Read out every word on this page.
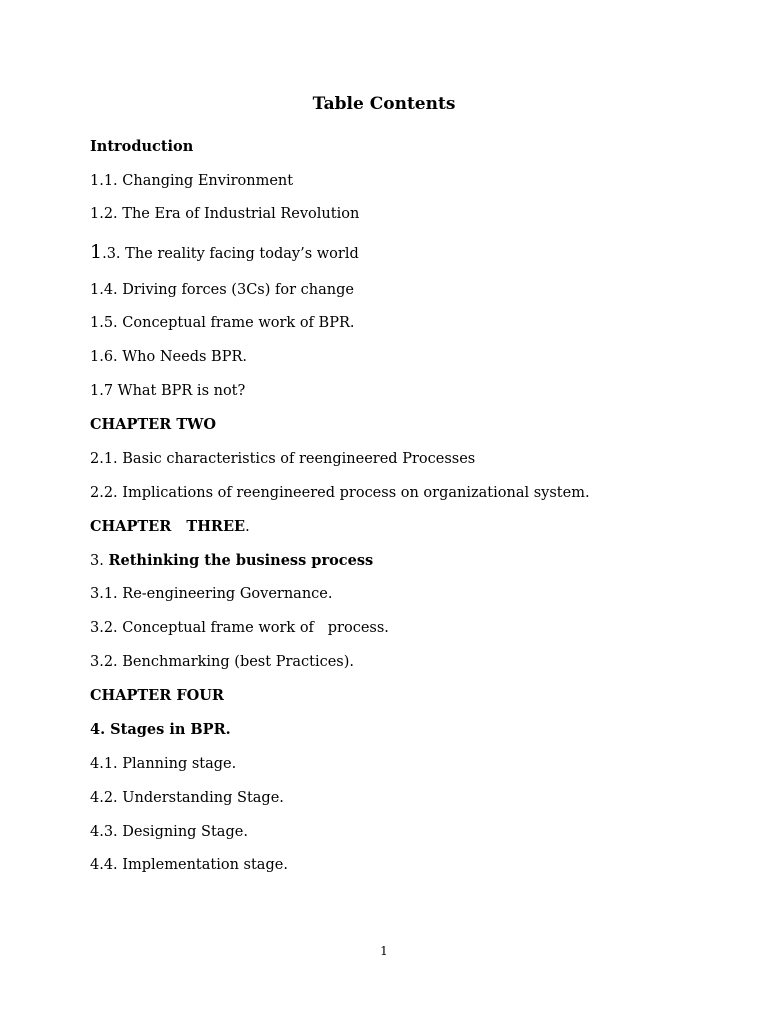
Table Contents
Introduction
1.1. Changing Environment
1.2. The Era of Industrial Revolution
1.3. The reality facing today’s world
1.4. Driving forces (3Cs) for change
1.5. Conceptual frame work of BPR.
1.6. Who Needs BPR.
1.7 What BPR is not?
CHAPTER TWO
2.1. Basic characteristics of reengineered Processes
2.2. Implications of reengineered process on organizational system.
CHAPTER   THREE.
3. Rethinking the business process
3.1. Re-engineering Governance.
3.2. Conceptual frame work of   process.
3.2. Benchmarking (best Practices).
CHAPTER FOUR
4. Stages in BPR.
4.1. Planning stage.
4.2. Understanding Stage.
4.3. Designing Stage.
4.4. Implementation stage.
1
